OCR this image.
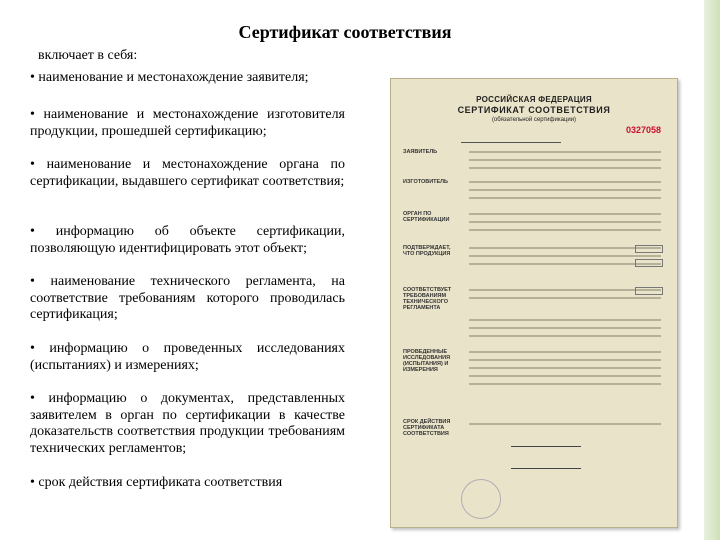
Сертификат соответствия
включает в себя:
• наименование и местонахождение заявителя;
• наименование и местонахождение изготовителя продукции, прошедшей сертификацию;
• наименование и местонахождение органа по сертификации, выдавшего сертификат соответствия;
• информацию об объекте сертификации, позволяющую идентифицировать этот объект;
• наименование технического регламента, на соответствие требованиям которого проводилась сертификация;
• информацию о проведенных исследованиях (испытаниях) и измерениях;
• информацию о документах, представленных заявителем в орган по сертификации в качестве доказательств соответствия продукции требованиям технических регламентов;
• срок действия сертификата соответствия
РОССИЙСКАЯ ФЕДЕРАЦИЯ
СЕРТИФИКАТ СООТВЕТСТВИЯ
(обязательной сертификации)
0327058
ЗАЯВИТЕЛЬ
ИЗГОТОВИТЕЛЬ
ОРГАН ПО СЕРТИФИКАЦИИ
ПОДТВЕРЖДАЕТ, ЧТО ПРОДУКЦИЯ
СООТВЕТСТВУЕТ ТРЕБОВАНИЯМ ТЕХНИЧЕСКОГО РЕГЛАМЕНТА
ПРОВЕДЕННЫЕ ИССЛЕДОВАНИЯ (ИСПЫТАНИЯ) И ИЗМЕРЕНИЯ
СРОК ДЕЙСТВИЯ СЕРТИФИКАТА СООТВЕТСТВИЯ
10
